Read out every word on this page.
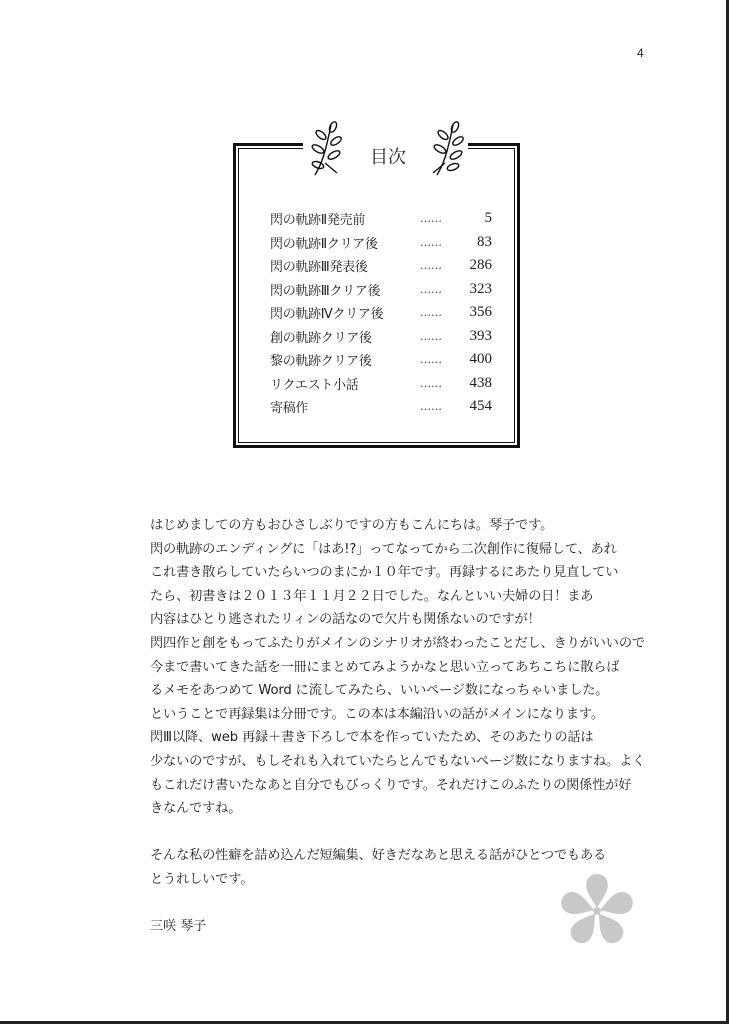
4
目次
閃の軌跡Ⅱ発売前	……	5
閃の軌跡Ⅱクリア後	……	83
閃の軌跡Ⅲ発表後	……	286
閃の軌跡Ⅲクリア後	……	323
閃の軌跡Ⅳクリア後	……	356
創の軌跡クリア後	……	393
黎の軌跡クリア後	……	400
リクエスト小話	……	438
寄稿作	……	454

はじめましての方もおひさしぶりですの方もこんにちは。琴子です。

閃の軌跡のエンディングに「はあ!?」ってなってから二次創作に復帰して、あれ

これ書き散らしていたらいつのまにか１０年です。再録するにあたり見直してい

たら、初書きは２０１３年１１月２２日でした。なんといい夫婦の日！まあ

内容はひとり逃されたリィンの話なので欠片も関係ないのですが！

閃四作と創をもってふたりがメインのシナリオが終わったことだし、きりがいいので

今まで書いてきた話を一冊にまとめてみようかなと思い立ってあちこちに散らば

るメモをあつめて Word に流してみたら、いいページ数になっちゃいました。

ということで再録集は分冊です。この本は本編沿いの話がメインになります。

閃Ⅲ以降、web 再録＋書き下ろしで本を作っていたため、そのあたりの話は

少ないのですが、もしそれも入れていたらとんでもないページ数になりますね。よく

もこれだけ書いたなあと自分でもびっくりです。それだけこのふたりの関係性が好

きなんですね。

そんな私の性癖を詰め込んだ短編集、好きだなあと思える話がひとつでもある

とうれしいです。

三咲 琴子
